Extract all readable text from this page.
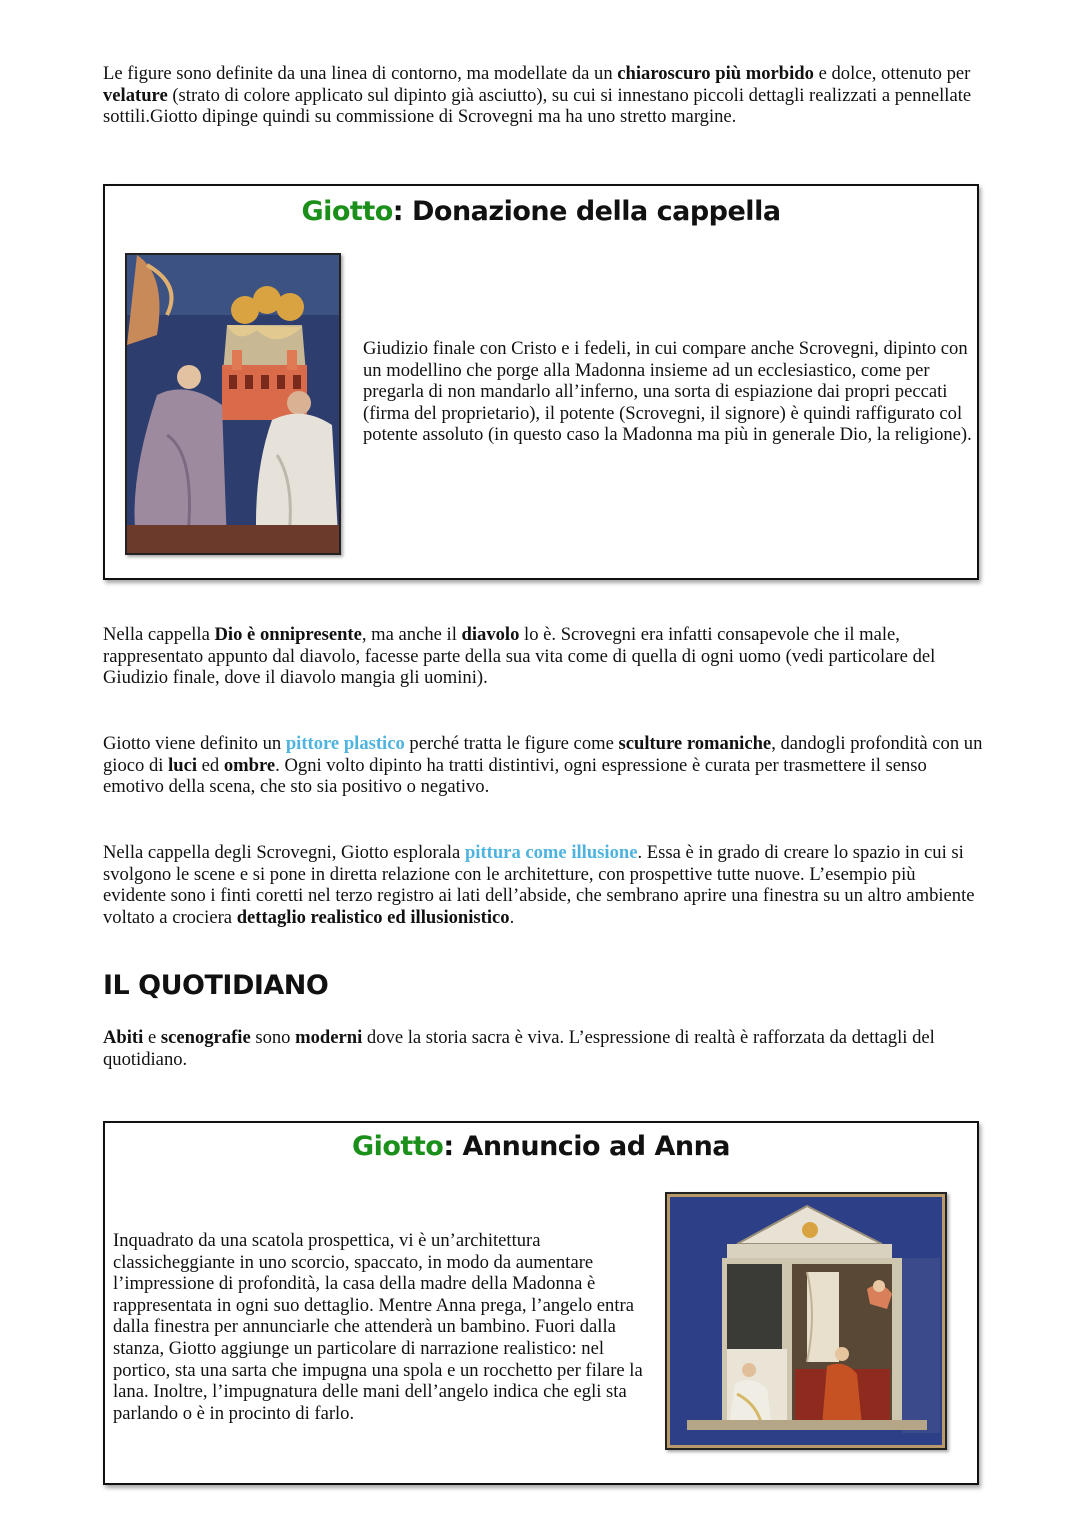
Le figure sono definite da una linea di contorno, ma modellate da un chiaroscuro più morbido e dolce, ottenuto per velature (strato di colore applicato sul dipinto già asciutto), su cui si innestano piccoli dettagli realizzati a pennellate sottili.Giotto dipinge quindi su commissione di Scrovegni ma ha uno stretto margine.

Giotto: Donazione della cappella

Giudizio finale con Cristo e i fedeli, in cui compare anche Scrovegni, dipinto con un modellino che porge alla Madonna insieme ad un ecclesiastico, come per pregarla di non mandarlo all’inferno, una sorta di espiazione dai propri peccati (firma del proprietario), il potente (Scrovegni, il signore) è quindi raffigurato col potente assoluto (in questo caso la Madonna ma più in generale Dio, la religione).

Nella cappella Dio è onnipresente, ma anche il diavolo lo è. Scrovegni era infatti consapevole che il male, rappresentato appunto dal diavolo, facesse parte della sua vita come di quella di ogni uomo (vedi particolare del Giudizio finale, dove il diavolo mangia gli uomini).

Giotto viene definito un pittore plastico perché tratta le figure come sculture romaniche, dandogli profondità con un gioco di luci ed ombre. Ogni volto dipinto ha tratti distintivi, ogni espressione è curata per trasmettere il senso emotivo della scena, che sto sia positivo o negativo.

Nella cappella degli Scrovegni, Giotto esplorala pittura come illusione. Essa è in grado di creare lo spazio in cui si svolgono le scene e si pone in diretta relazione con le architetture, con prospettive tutte nuove. L’esempio più evidente sono i finti coretti nel terzo registro ai lati dell’abside, che sembrano aprire una finestra su un altro ambiente voltato a crociera dettaglio realistico ed illusionistico.

IL QUOTIDIANO

Abiti e scenografie sono moderni dove la storia sacra è viva. L’espressione di realtà è rafforzata da dettagli del quotidiano.

Giotto: Annuncio ad Anna

Inquadrato da una scatola prospettica, vi è un’architettura classicheggiante in uno scorcio, spaccato, in modo da aumentare l’impressione di profondità, la casa della madre della Madonna è rappresentata in ogni suo dettaglio. Mentre Anna prega, l’angelo entra dalla finestra per annunciarle che attenderà un bambino. Fuori dalla stanza, Giotto aggiunge un particolare di narrazione realistico: nel portico, sta una sarta che impugna una spola e un rocchetto per filare la lana. Inoltre, l’impugnatura delle mani dell’angelo indica che egli sta parlando o è in procinto di farlo.
